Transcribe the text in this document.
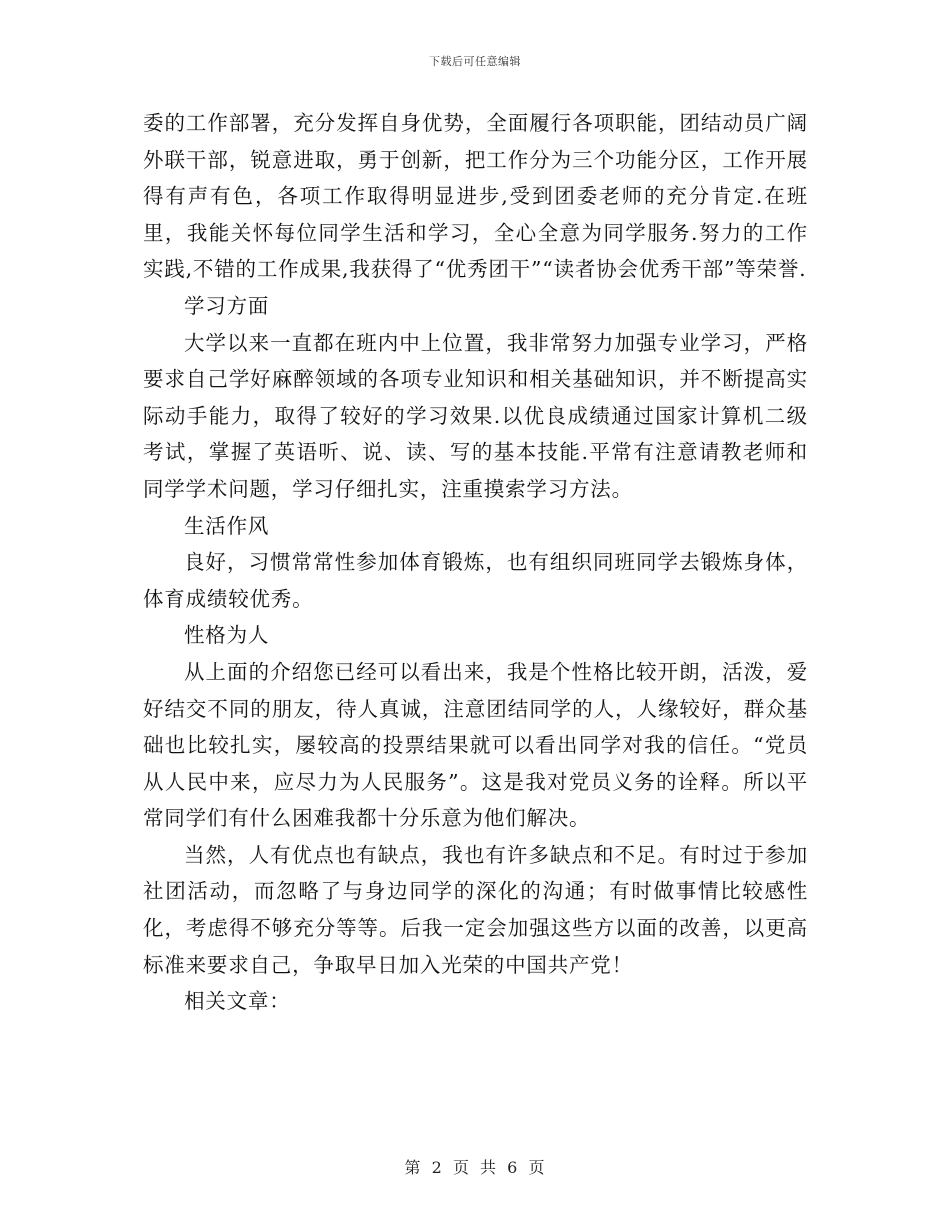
下载后可任意编辑

委的工作部署，充分发挥自身优势，全面履行各项职能，团结动员广阔外联干部，锐意进取，勇于创新，把工作分为三个功能分区，工作开展得有声有色，各项工作取得明显进步,受到团委老师的充分肯定.在班里，我能关怀每位同学生活和学习，全心全意为同学服务.努力的工作实践,不错的工作成果,我获得了“优秀团干”“读者协会优秀干部”等荣誉.

学习方面

大学以来一直都在班内中上位置，我非常努力加强专业学习，严格要求自己学好麻醉领域的各项专业知识和相关基础知识，并不断提高实际动手能力，取得了较好的学习效果.以优良成绩通过国家计算机二级考试，掌握了英语听、说、读、写的基本技能.平常有注意请教老师和同学学术问题，学习仔细扎实，注重摸索学习方法。

生活作风

良好，习惯常常性参加体育锻炼，也有组织同班同学去锻炼身体，体育成绩较优秀。

性格为人

从上面的介绍您已经可以看出来，我是个性格比较开朗，活泼，爱好结交不同的朋友，待人真诚，注意团结同学的人，人缘较好，群众基础也比较扎实，屡较高的投票结果就可以看出同学对我的信任。“党员从人民中来，应尽力为人民服务”。这是我对党员义务的诠释。所以平常同学们有什么困难我都十分乐意为他们解决。

当然，人有优点也有缺点，我也有许多缺点和不足。有时过于参加社团活动，而忽略了与身边同学的深化的沟通；有时做事情比较感性化，考虑得不够充分等等。后我一定会加强这些方以面的改善，以更高标准来要求自己，争取早日加入光荣的中国共产党！

相关文章：

第 2 页 共 6 页
